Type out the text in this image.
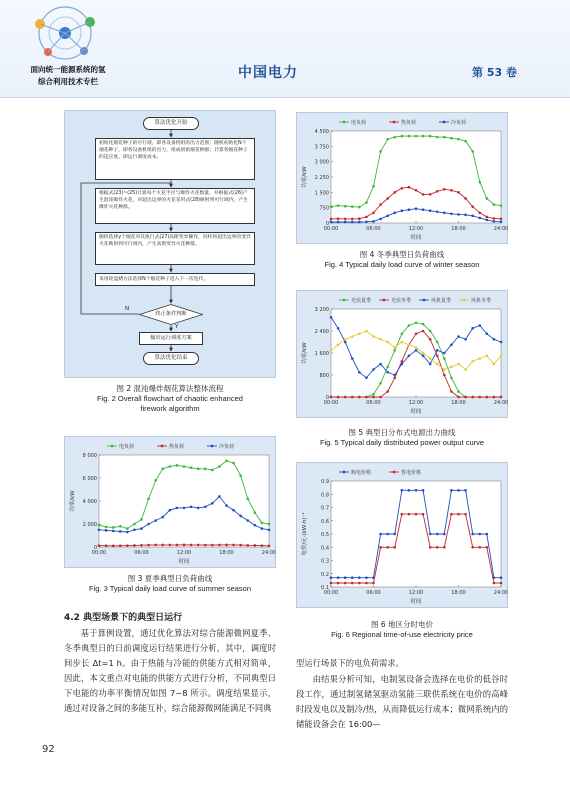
面向统一能源系统的氢
综合利用技术专栏
中国电力	第 53 卷
算法优化开始
初始化烟花种子的可行域，即各设备机组的出力范围；随机初始化N个烟花种子，即各设备机组的出力，组成初始烟花种群；计算各烟花种子的适应度，即运行调度成本。
根据式(23)~(25)计算每个火花半径与爆炸火花数量，并根据式(26)产生混沌爆炸火花，对超出边界的火花采用式(28)映射到可行域内，产生爆炸火花种群。
随机选择γ个烟花对其执行式(27)高斯变异操作，同样将超出边界的变异火花映射到可行域内，产生高斯变异火花种群。
采用轮盘赌方法选择N个烟花种子进入下一次迭代。
终止条件判断
N
Y
输出运行调度方案
算法优化结束
图 2 混沌爆炸烟花算法整体流程
Fig. 2 Overall flowchart of chaotic enhanced
firework algorithm
0
2 000
4 000
6 000
8 000
00:00	06:00	12:00	18:00	24:00
时间
功率/kW
电负荷	热负荷	冷负荷
图 3 夏季典型日负荷曲线
Fig. 3 Typical daily load curve of summer season
0
750
1 500
2 250
3 000
3 750
4 500
00:00	06:00	12:00	18:00	24:00
时间
功率/kW
电负荷	热负荷	冷负荷
图 4 冬季典型日负荷曲线
Fig. 4 Typical daily load curve of winter season
0
800
1 600
2 400
3 200
00:00	06:00	12:00	18:00	24:00
时间
功率/kW
光伏夏季	光伏冬季	风机夏季	风机冬季
图 5 典型日分布式电源出力曲线
Fig. 5 Typical daily distributed power output curve
0.1
0.2
0.3
0.4
0.5
0.6
0.7
0.8
0.9
00:00	06:00	12:00	18:00	24:00
时间
电价/元·(kW·h)⁻¹
购电价格	售电价格
图 6 地区分时电价
Fig. 6 Regional time-of-use electricity price
4.2 典型场景下的典型日运行
基于算例设置，通过优化算法对综合能源微网夏季、冬季典型日的日前调度运行结果进行分析，其中，调度时间步长 Δt=1 h。由于热能与冷能的供能方式相对简单，因此，本文重点对电能的供能方式进行分析，不同典型日下电能的功率平衡情况如图 7~8 所示。调度结果显示，通过对设备之间的多能互补，综合能源微网能满足不同典
型运行场景下的电负荷需求。
由结果分析可知，电制氢设备会选择在电价的低谷时段工作，通过制氢储氢驱动氢能三联供系统在电价的高峰时段发电以及制冷/热，从而降低运行成本；微网系统内的储能设备会在 16:00—
92
